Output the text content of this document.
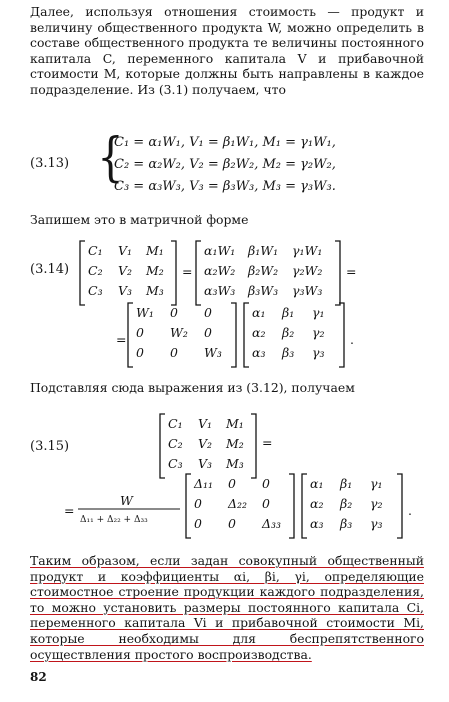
Далее, используя отношения стоимость — продукт и величину общественного продукта W, можно определить в составе общественного продукта те величины постоянного капитала C, переменного капитала V и прибавочной стоимости M, которые должны быть направлены в каждое подразделение. Из (3.1) получаем, что

(3.13) {
C₁ = α₁W₁, V₁ = β₁W₁, M₁ = γ₁W₁,
C₂ = α₂W₂, V₂ = β₂W₂, M₂ = γ₂W₂,
C₃ = α₃W₃, V₃ = β₃W₃, M₃ = γ₃W₃.

Запишем это в матричной форме

(3.14)
C₁ V₁ M₁
C₂ V₂ M₂
C₃ V₃ M₃
=
α₁W₁ β₁W₁ γ₁W₁
α₂W₂ β₂W₂ γ₂W₂
α₃W₃ β₃W₃ γ₃W₃
=
=
W₁ 0 0
0 W₂ 0
0 0 W₃
α₁ β₁ γ₁
α₂ β₂ γ₂
α₃ β₃ γ₃
.
C₁ V₁ M₁
C₂ V₂ M₂
C₃ V₃ M₃
=
=
W
Δ₁₁ + Δ₂₂ + Δ₃₃
Δ₁₁ 0 0
0 Δ₂₂ 0
0 0 Δ₃₃
α₁ β₁ γ₁
α₂ β₂ γ₂
α₃ β₃ γ₃
.

Подставляя сюда выражения из (3.12), получаем

(3.15)

Таким образом, если задан совокупный общественный продукт и коэффициенты αi, βi, γi, определяющие стоимостное строение продукции каждого подразделения, то можно установить размеры постоянного капитала Ci, переменного капитала Vi и прибавочной стоимости Mi, которые необходимы для беспрепятственного осуществления простого воспроизводства.

82
